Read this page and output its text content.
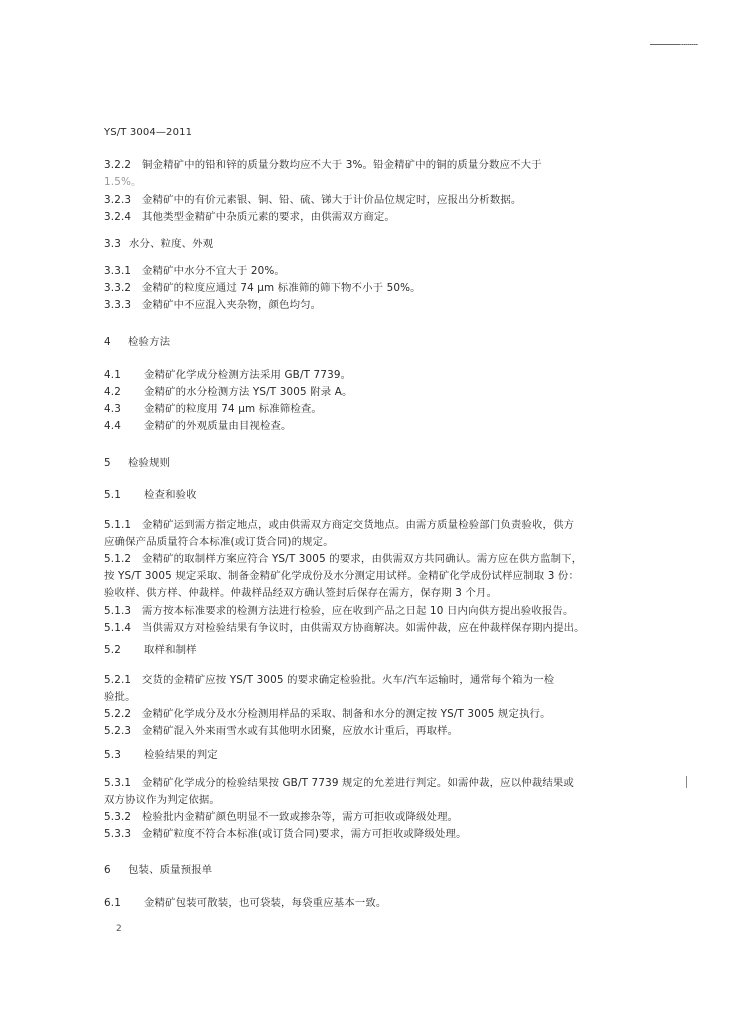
YS/T 3004—2011
3.2.2 铜金精矿中的铅和锌的质量分数均应不大于 3%。铅金精矿中的铜的质量分数应不大于
1.5%。
3.2.3 金精矿中的有价元素银、铜、铅、硫、锑大于计价品位规定时，应报出分析数据。
3.2.4 其他类型金精矿中杂质元素的要求，由供需双方商定。
3.3 水分、粒度、外观
3.3.1 金精矿中水分不宜大于 20%。
3.3.2 金精矿的粒度应通过 74 μm 标准筛的筛下物不小于 50%。
3.3.3 金精矿中不应混入夹杂物，颜色均匀。
4 检验方法
4.1 金精矿化学成分检测方法采用 GB/T 7739。
4.2 金精矿的水分检测方法 YS/T 3005 附录 A。
4.3 金精矿的粒度用 74 μm 标准筛检查。
4.4 金精矿的外观质量由目视检查。
5 检验规则
5.1 检查和验收
5.1.1 金精矿运到需方指定地点，或由供需双方商定交货地点。由需方质量检验部门负责验收，供方
应确保产品质量符合本标准(或订货合同)的规定。
5.1.2 金精矿的取制样方案应符合 YS/T 3005 的要求，由供需双方共同确认。需方应在供方监制下，
按 YS/T 3005 规定采取、制备金精矿化学成份及水分测定用试样。金精矿化学成份试样应制取 3 份：
验收样、供方样、仲裁样。仲裁样品经双方确认签封后保存在需方，保存期 3 个月。
5.1.3 需方按本标准要求的检测方法进行检验，应在收到产品之日起 10 日内向供方提出验收报告。
5.1.4 当供需双方对检验结果有争议时，由供需双方协商解决。如需仲裁，应在仲裁样保存期内提出。
5.2 取样和制样
5.2.1 交货的金精矿应按 YS/T 3005 的要求确定检验批。火车/汽车运输时，通常每个箱为一检
验批。
5.2.2 金精矿化学成分及水分检测用样品的采取、制备和水分的测定按 YS/T 3005 规定执行。
5.2.3 金精矿混入外来雨雪水或有其他明水团聚，应放水计重后，再取样。
5.3 检验结果的判定
5.3.1 金精矿化学成分的检验结果按 GB/T 7739 规定的允差进行判定。如需仲裁，应以仲裁结果或
双方协议作为判定依据。
5.3.2 检验批内金精矿颜色明显不一致或掺杂等，需方可拒收或降级处理。
5.3.3 金精矿粒度不符合本标准(或订货合同)要求，需方可拒收或降级处理。
6 包装、质量预报单
6.1 金精矿包装可散装，也可袋装，每袋重应基本一致。
2
